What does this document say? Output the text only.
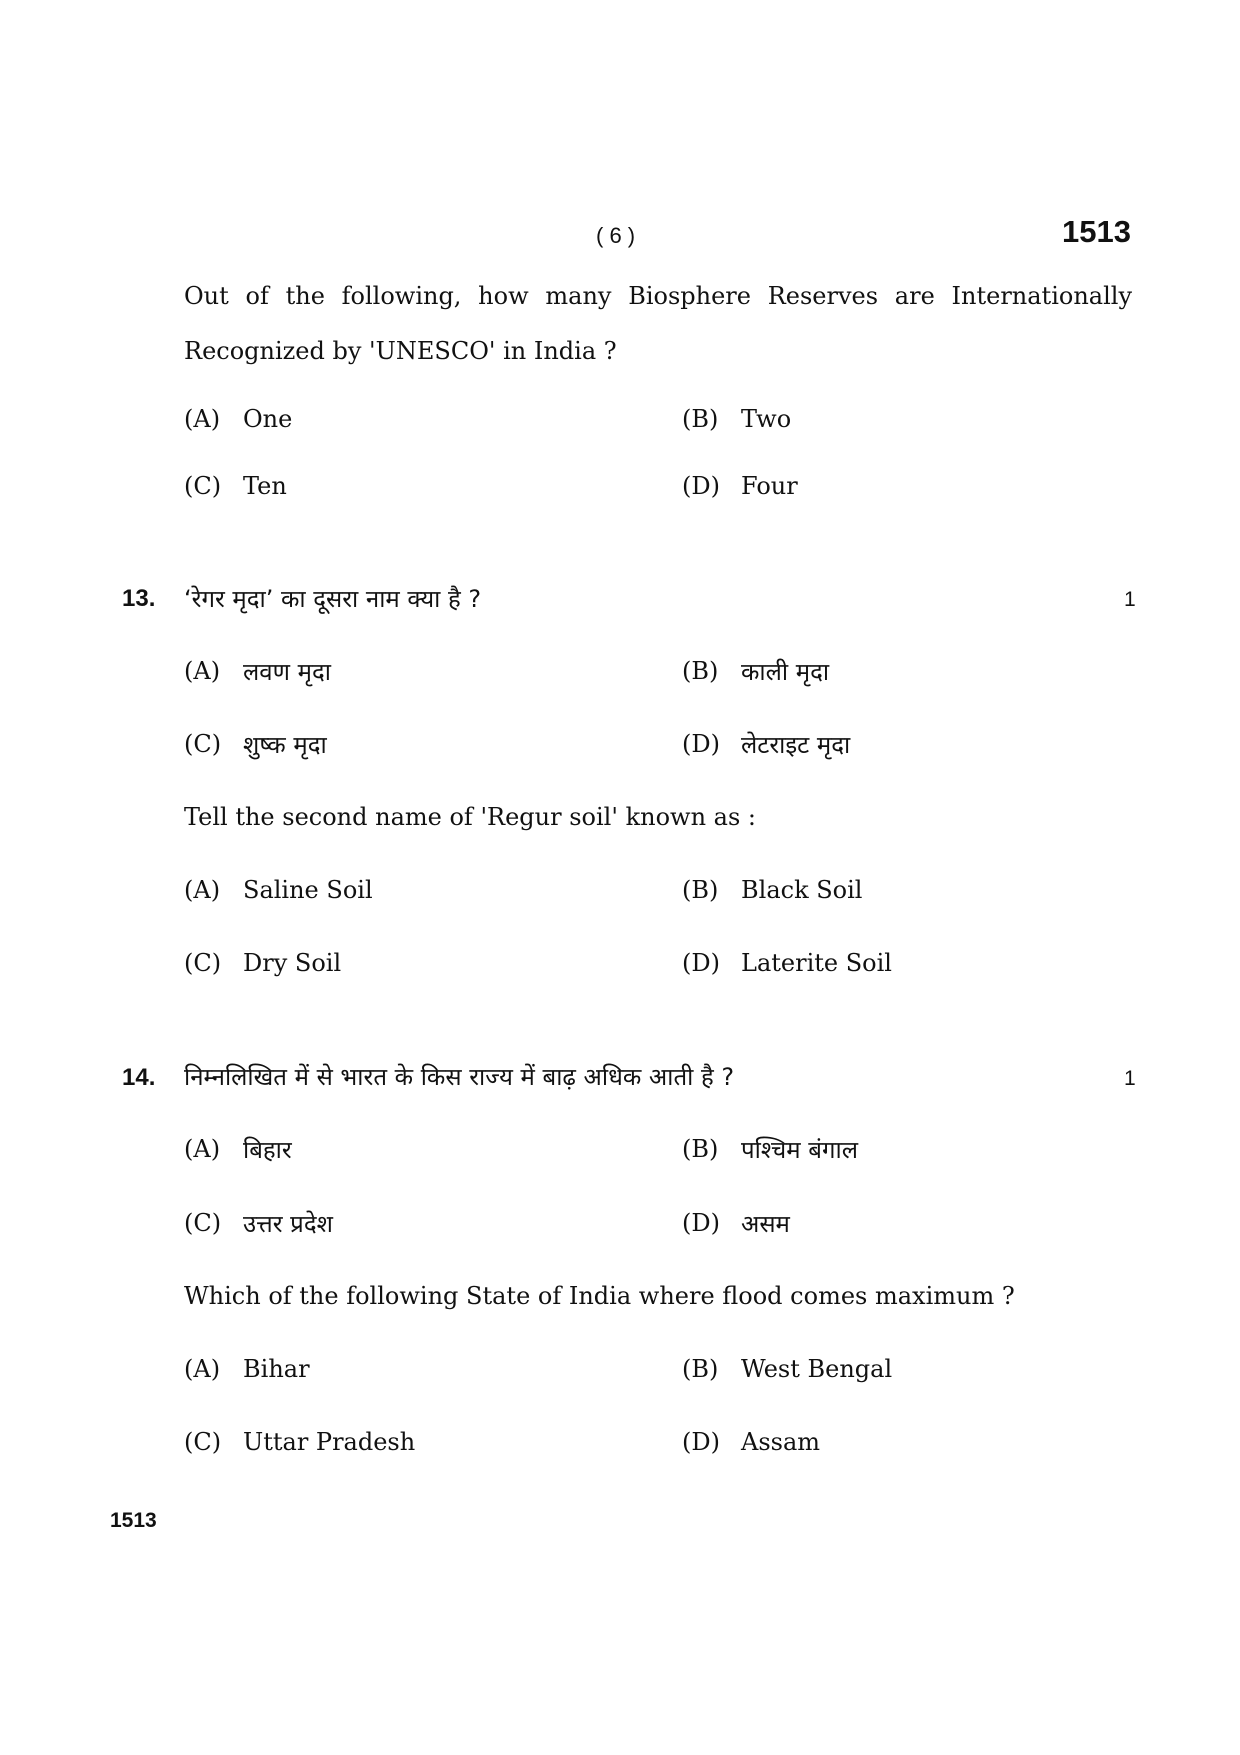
( 6 )	1513
Out of the following, how many Biosphere Reserves are Internationally
Recognized by 'UNESCO' in India ?
(A) One	(B) Two
(C) Ten	(D) Four
13. ‘रेगर मृदा’ का दूसरा नाम क्या है ?	1
(A) लवण मृदा	(B) काली मृदा
(C) शुष्क मृदा	(D) लेटराइट मृदा
Tell the second name of 'Regur soil' known as :
(A) Saline Soil	(B) Black Soil
(C) Dry Soil	(D) Laterite Soil
14. निम्नलिखित में से भारत के किस राज्य में बाढ़ अधिक आती है ?	1
(A) बिहार	(B) पश्चिम बंगाल
(C) उत्तर प्रदेश	(D) असम
Which of the following State of India where flood comes maximum ?
(A) Bihar	(B) West Bengal
(C) Uttar Pradesh	(D) Assam
1513
